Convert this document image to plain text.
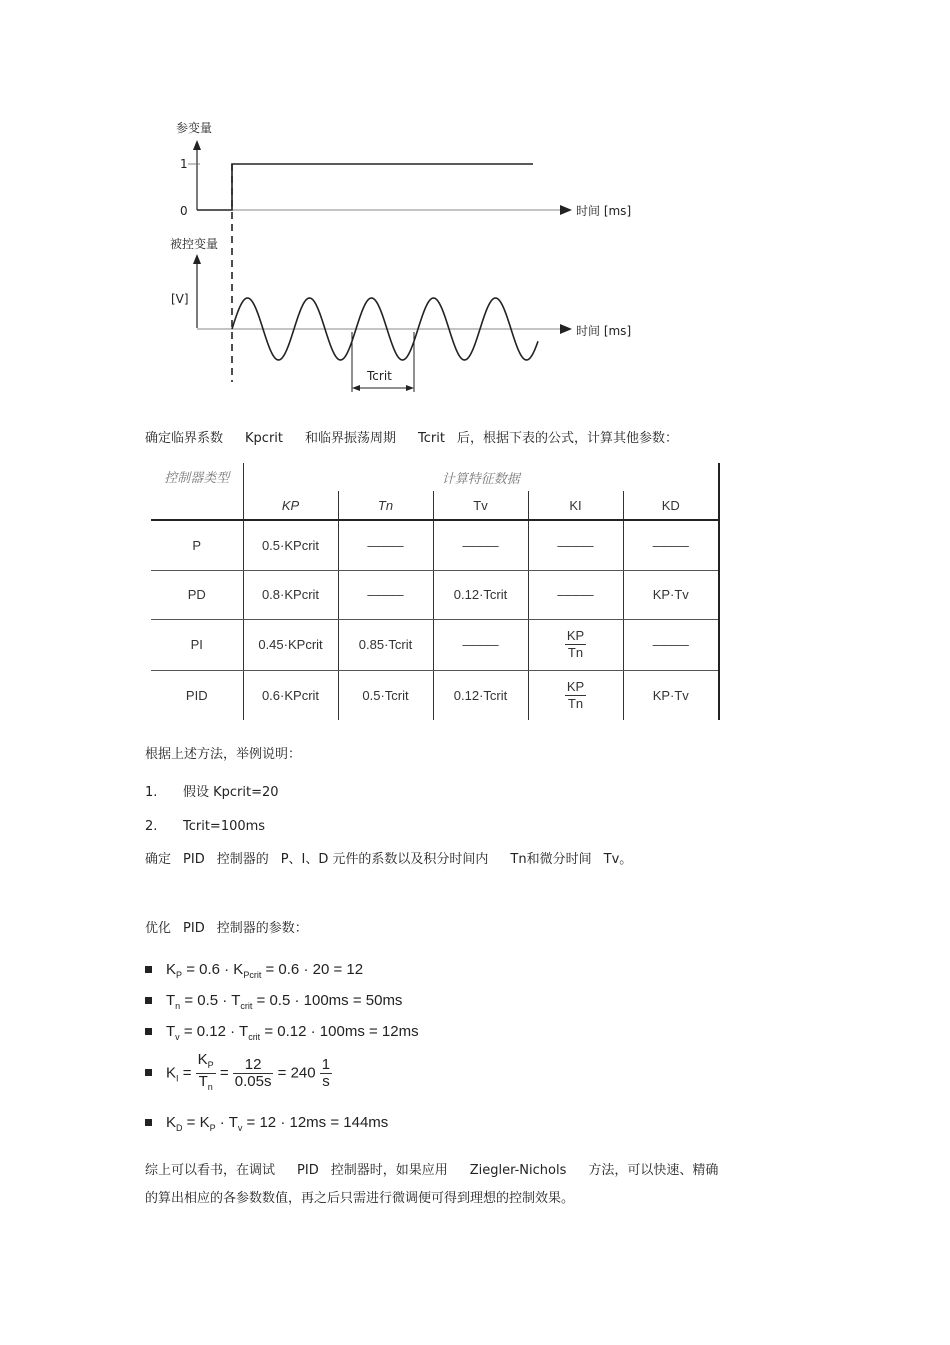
参变量
1
0	时间 [ms]
被控变量
[V]
时间 [ms]
Tcrit
确定临界系数 Kpcrit 和临界振荡周期 Tcrit 后，根据下表的公式，计算其他参数：
控制器类型	计算特征数据				
	KP	Tn	Tv	KI	KD
P	0.5·KPcrit	–––––	–––––	–––––	–––––
PD	0.8·KPcrit	–––––	0.12·Tcrit	–––––	KP·Tv
PI	0.45·KPcrit	0.85·Tcrit	–––––	$\frac{KP}{Tn}$	–––––
PID	0.6·KPcrit	0.5·Tcrit	0.12·Tcrit	$\frac{KP}{Tn}$	KP·Tv
根据上述方法，举例说明：
1. 假设 Kpcrit=20
2. Tcrit=100ms
确定 PID 控制器的 P、I、D 元件的系数以及积分时间内 Tn和微分时间 Tv。
优化 PID 控制器的参数：
$K_P = 0.6 \cdot K_{Pcrit} = 0.6 \cdot 20 = 12$
$T_n = 0.5 \cdot T_{crit} = 0.5 \cdot 100ms = 50ms$
$T_v = 0.12 \cdot T_{crit} = 0.12 \cdot 100ms = 12ms$
$K_I = \frac{K_P}{T_n} = \frac{12}{0.05s} = 240 \frac{1}{s}$
$K_D = K_P \cdot T_v = 12 \cdot 12ms = 144ms$
综上可以看书，在调试 PID 控制器时，如果应用 Ziegler-Nichols 方法，可以快速、精确
的算出相应的各参数数值，再之后只需进行微调便可得到理想的控制效果。
